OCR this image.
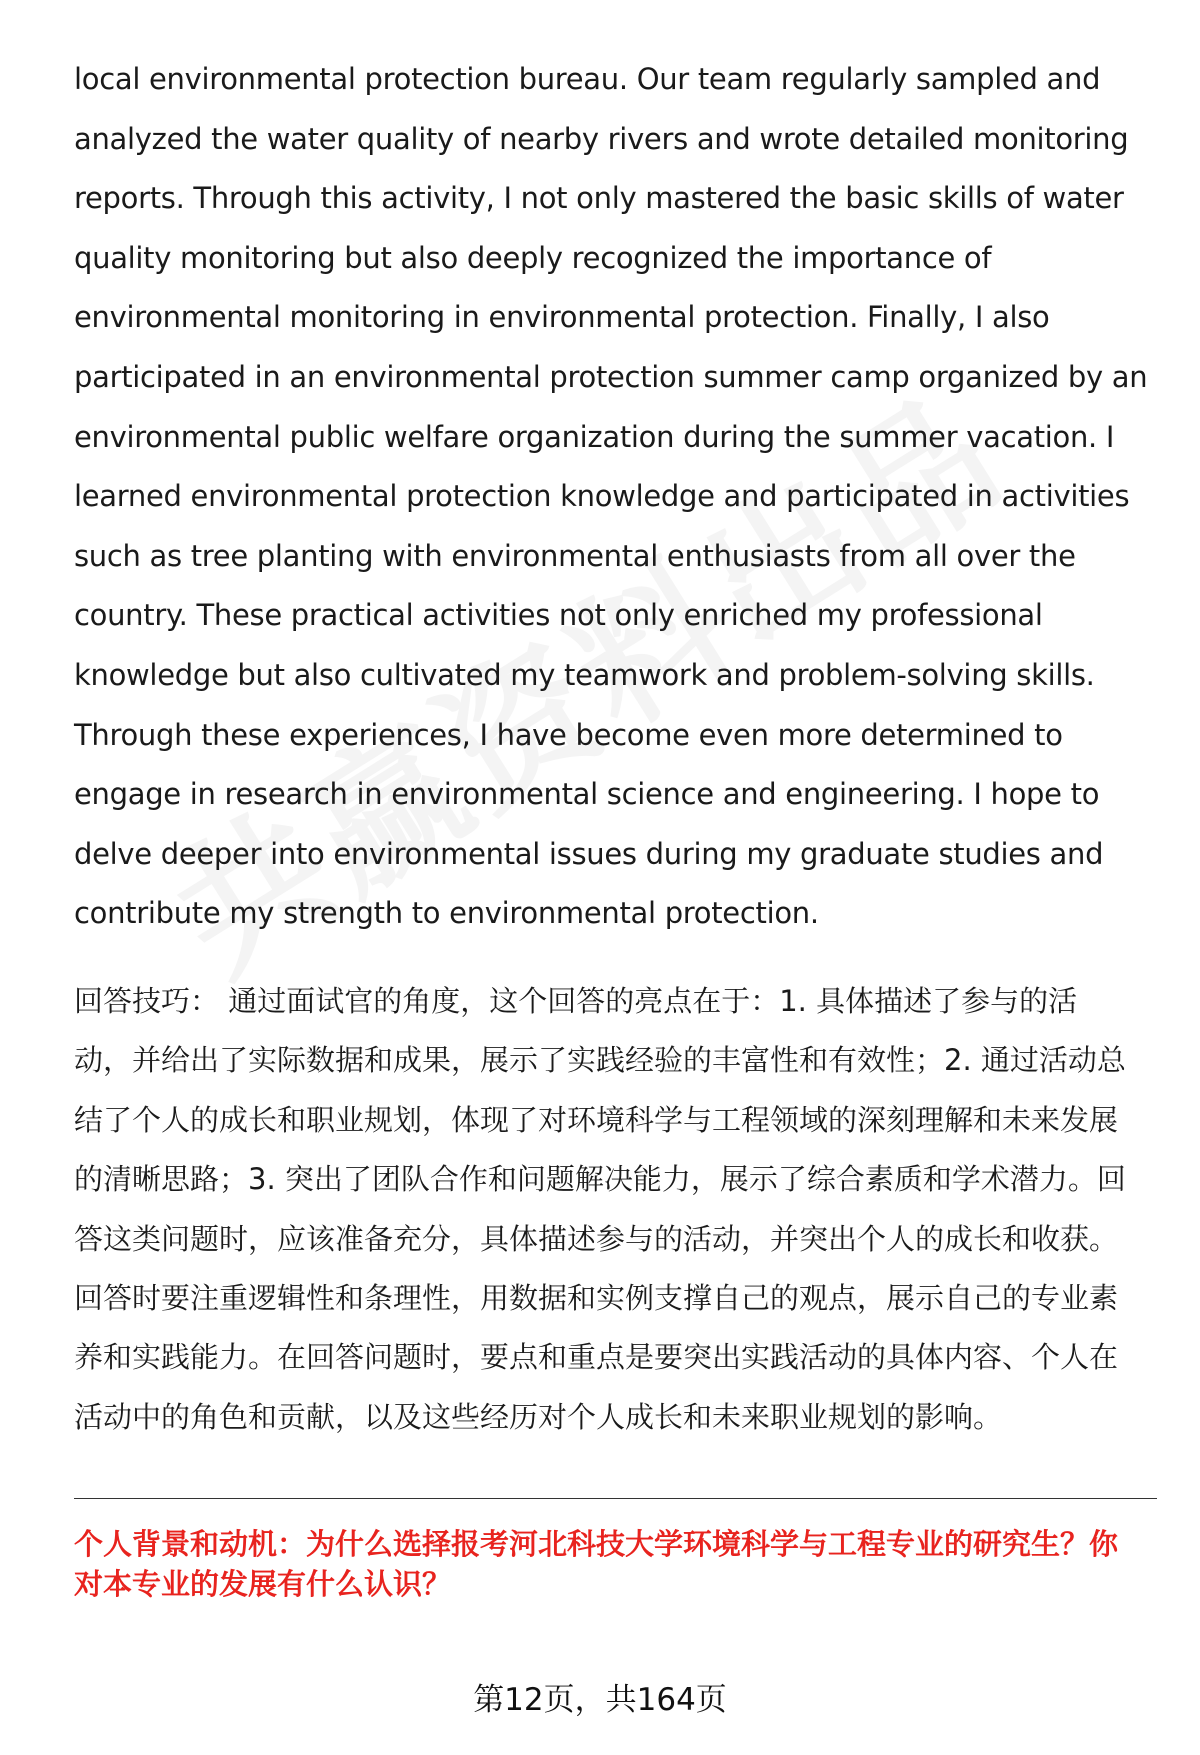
local environmental protection bureau. Our team regularly sampled and
analyzed the water quality of nearby rivers and wrote detailed monitoring
reports. Through this activity, I not only mastered the basic skills of water
quality monitoring but also deeply recognized the importance of
environmental monitoring in environmental protection. Finally, I also
participated in an environmental protection summer camp organized by an
environmental public welfare organization during the summer vacation. I
learned environmental protection knowledge and participated in activities
such as tree planting with environmental enthusiasts from all over the
country. These practical activities not only enriched my professional
knowledge but also cultivated my teamwork and problem-solving skills.
Through these experiences, I have become even more determined to
engage in research in environmental science and engineering. I hope to
delve deeper into environmental issues during my graduate studies and
contribute my strength to environmental protection.

回答技巧： 通过面试官的角度，这个回答的亮点在于：1. 具体描述了参与的活
动，并给出了实际数据和成果，展示了实践经验的丰富性和有效性；2. 通过活动总
结了个人的成长和职业规划，体现了对环境科学与工程领域的深刻理解和未来发展
的清晰思路；3. 突出了团队合作和问题解决能力，展示了综合素质和学术潜力。回
答这类问题时，应该准备充分，具体描述参与的活动，并突出个人的成长和收获。
回答时要注重逻辑性和条理性，用数据和实例支撑自己的观点，展示自己的专业素
养和实践能力。在回答问题时，要点和重点是要突出实践活动的具体内容、个人在
活动中的角色和贡献，以及这些经历对个人成长和未来职业规划的影响。

个人背景和动机：为什么选择报考河北科技大学环境科学与工程专业的研究生？你
对本专业的发展有什么认识？
第12页，共164页
